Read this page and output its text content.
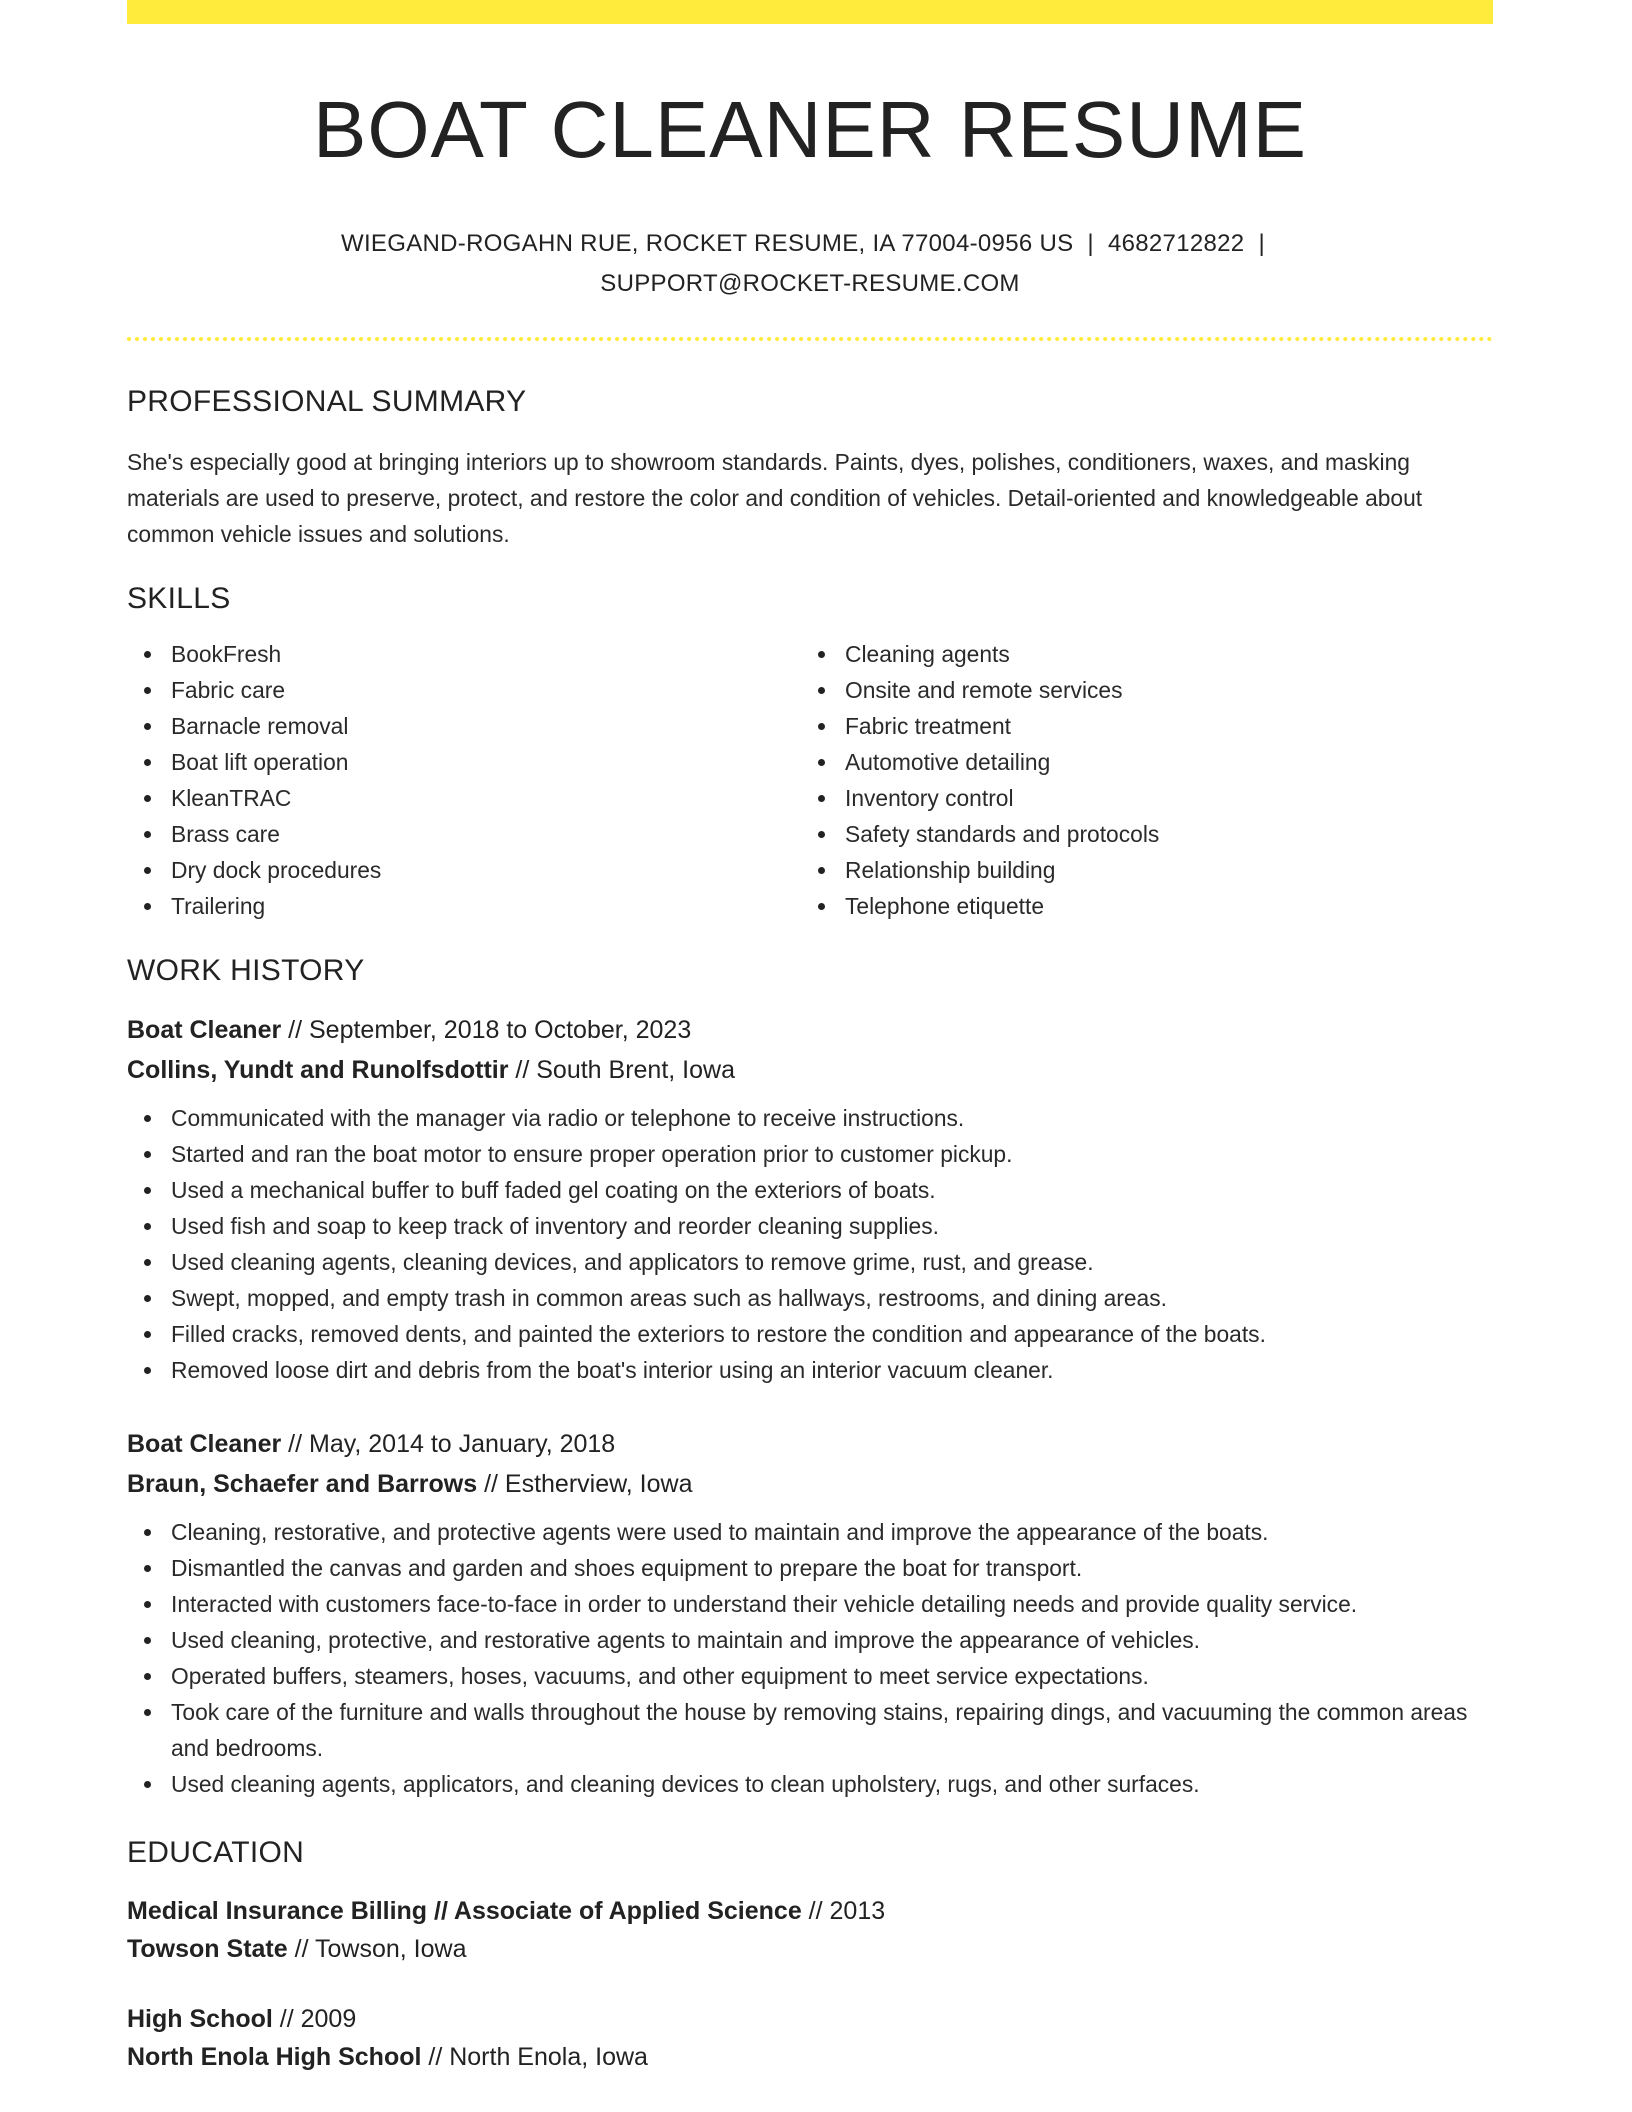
BOAT CLEANER RESUME
WIEGAND-ROGAHN RUE, ROCKET RESUME, IA 77004-0956 US | 4682712822 |
SUPPORT@ROCKET-RESUME.COM
PROFESSIONAL SUMMARY
She's especially good at bringing interiors up to showroom standards. Paints, dyes, polishes, conditioners, waxes, and masking materials are used to preserve, protect, and restore the color and condition of vehicles. Detail-oriented and knowledgeable about common vehicle issues and solutions.
SKILLS
BookFresh
Fabric care
Barnacle removal
Boat lift operation
KleanTRAC
Brass care
Dry dock procedures
Trailering
Cleaning agents
Onsite and remote services
Fabric treatment
Automotive detailing
Inventory control
Safety standards and protocols
Relationship building
Telephone etiquette
WORK HISTORY
Boat Cleaner // September, 2018 to October, 2023
Collins, Yundt and Runolfsdottir // South Brent, Iowa
Communicated with the manager via radio or telephone to receive instructions.
Started and ran the boat motor to ensure proper operation prior to customer pickup.
Used a mechanical buffer to buff faded gel coating on the exteriors of boats.
Used fish and soap to keep track of inventory and reorder cleaning supplies.
Used cleaning agents, cleaning devices, and applicators to remove grime, rust, and grease.
Swept, mopped, and empty trash in common areas such as hallways, restrooms, and dining areas.
Filled cracks, removed dents, and painted the exteriors to restore the condition and appearance of the boats.
Removed loose dirt and debris from the boat's interior using an interior vacuum cleaner.
Boat Cleaner // May, 2014 to January, 2018
Braun, Schaefer and Barrows // Estherview, Iowa
Cleaning, restorative, and protective agents were used to maintain and improve the appearance of the boats.
Dismantled the canvas and garden and shoes equipment to prepare the boat for transport.
Interacted with customers face-to-face in order to understand their vehicle detailing needs and provide quality service.
Used cleaning, protective, and restorative agents to maintain and improve the appearance of vehicles.
Operated buffers, steamers, hoses, vacuums, and other equipment to meet service expectations.
Took care of the furniture and walls throughout the house by removing stains, repairing dings, and vacuuming the common areas and bedrooms.
Used cleaning agents, applicators, and cleaning devices to clean upholstery, rugs, and other surfaces.
EDUCATION
Medical Insurance Billing // Associate of Applied Science // 2013
Towson State // Towson, Iowa
High School // 2009
North Enola High School // North Enola, Iowa
